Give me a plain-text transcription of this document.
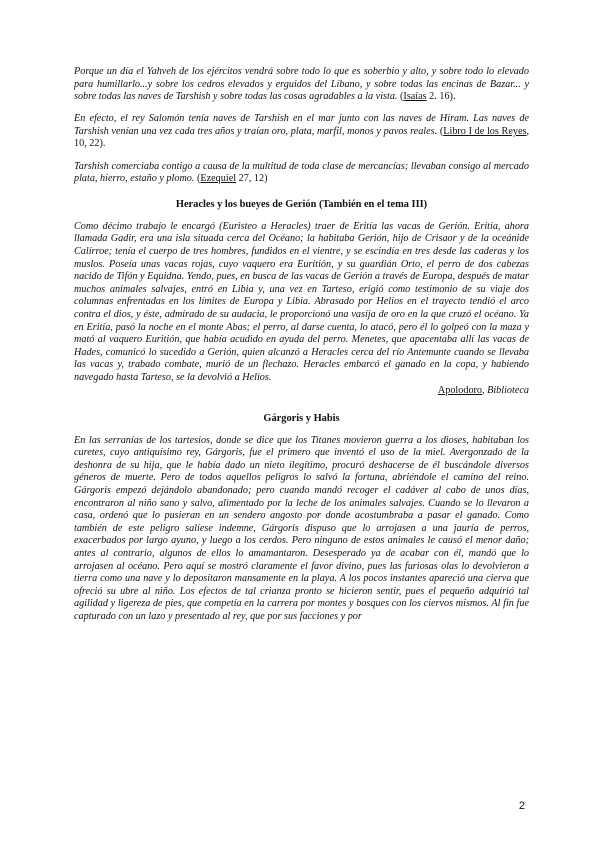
Porque un día el Yahveh de los ejércitos vendrá sobre todo lo que es soberbio y alto, y sobre todo lo elevado para humillarlo...y sobre los cedros elevados y erguidos del Líbano, y sobre todas las encinas de Bazar... y sobre todas las naves de Tarshish y sobre todas las cosas agradables a la vista. (Isaías 2. 16).

En efecto, el rey Salomón tenía naves de Tarshish en el mar junto con las naves de Hiram. Las naves de Tarshish venían una vez cada tres años y traían oro, plata, marfil, monos y pavos reales. (Libro I de los Reyes, 10, 22).

Tarshish comerciaba contigo a causa de la multitud de toda clase de mercancías; llevaban consigo al mercado plata, hierro, estaño y plomo. (Ezequiel 27, 12)

Heracles y los bueyes de Gerión (También en el tema III)

Como décimo trabajo le encargó (Euristeo a Heracles) traer de Eritía las vacas de Gerión. Eritia, ahora llamada Gadir, era una isla situada cerca del Océano; la habitaba Gerión, hijo de Crisaor y de la oceánide Calírroe; tenía el cuerpo de tres hombres, fundidos en el vientre, y se escindía en tres desde las caderas y los muslos. Poseía unas vacas rojas, cuyo vaquero era Euritión, y su guardián Orto, el perro de dos cabezas nacido de Tifón y Equidna. Yendo, pues, en busca de las vacas de Gerión a través de Europa, después de matar muchos animales salvajes, entró en Libia y, una vez en Tarteso, erigió como testimonio de su viaje dos columnas enfrentadas en los límites de Europa y Libia. Abrasado por Helios en el trayecto tendió el arco contra el dios, y éste, admirado de su audacia, le proporcionó una vasija de oro en la que cruzó el océano. Ya en Eritía, pasó la noche en el monte Abas; el perro, al darse cuenta, lo atacó, pero él lo golpeó con la maza y mató al vaquero Euritión, que había acudido en ayuda del perro. Menetes, que apacentaba allí las vacas de Hades, comunicó lo sucedido a Gerión, quien alcanzó a Heracles cerca del río Antemunte cuando se llevaba las vacas y, trabado combate, murió de un flechazo. Heracles embarcó el ganado en la copa, y habiendo navegado hasta Tarteso, se la devolvió a Helios.

Apolodoro, Biblioteca
Gárgoris y Habis

En las serranías de los tartesios, donde se dice que los Titanes movieron guerra a los dioses, habitaban los curetes, cuyo antiquísimo rey, Gárgoris, fue el primero que inventó el uso de la miel. Avergonzado de la deshonra de su hija, que le había dado un nieto ilegítimo, procuró deshacerse de él buscándole diversos géneros de muerte. Pero de todos aquellos peligros lo salvó la fortuna, abriéndole el camino del reino. Gárgoris empezó dejándolo abandonado; pero cuando mandó recoger el cadáver al cabo de unos días, encontraron al niño sano y salvo, alimentado por la leche de los animales salvajes. Cuando se lo llevaron a casa, ordenó que lo pusieran en un sendero angosto por donde acostumbraba a pasar el ganado. Como también de este peligro salíese indemne, Gárgoris dispuso que lo arrojasen a una jauría de perros, exacerbados por largo ayuno, y luego a los cerdos. Pero ninguno de estos animales le causó el menor daño; antes al contrario, algunos de ellos lo amamantaron. Desesperado ya de acabar con él, mandó que lo arrojasen al océano. Pero aquí se mostró claramente el favor divino, pues las furiosas olas lo devolvieron a tierra como una nave y lo depositaron mansamente en la playa. A los pocos instantes apareció una cierva que ofreció su ubre al niño. Los efectos de tal crianza pronto se hicieron sentir, pues el pequeño adquirió tal agilidad y ligereza de pies, que competía en la carrera por montes y bosques con los ciervos mismos. Al fin fue capturado con un lazo y presentado al rey, que por sus facciones y por

2
